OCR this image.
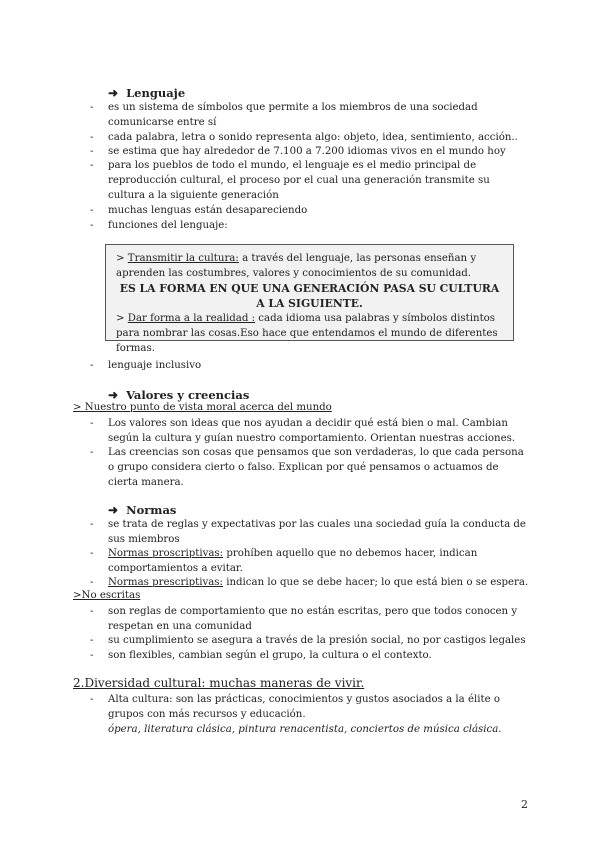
➜ Lenguaje
-	es un sistema de símbolos que permite a los miembros de una sociedad comunicarse entre sí
-	cada palabra, letra o sonido representa algo: objeto, idea, sentimiento, acción..
-	se estima que hay alrededor de 7.100 a 7.200 idiomas vivos en el mundo hoy
-	para los pueblos de todo el mundo, el lenguaje es el medio principal de reproducción cultural, el proceso por el cual una generación transmite su cultura a la siguiente generación
-	muchas lenguas están desapareciendo
-	funciones del lenguaje:
> Transmitir la cultura: a través del lenguaje, las personas enseñan y aprenden las costumbres, valores y conocimientos de su comunidad.
ES LA FORMA EN QUE UNA GENERACIÓN PASA SU CULTURA A LA SIGUIENTE.
> Dar forma a la realidad : cada idioma usa palabras y símbolos distintos para nombrar las cosas.Eso hace que entendamos el mundo de diferentes formas.
-	lenguaje inclusivo
➜ Valores y creencias
> Nuestro punto de vista moral acerca del mundo
-	Los valores son ideas que nos ayudan a decidir qué está bien o mal. Cambian según la cultura y guían nuestro comportamiento. Orientan nuestras acciones.
-	Las creencias son cosas que pensamos que son verdaderas, lo que cada persona o grupo considera cierto o falso. Explican por qué pensamos o actuamos de cierta manera.
➜ Normas
-	se trata de reglas y expectativas por las cuales una sociedad guía la conducta de sus miembros
-	Normas proscriptivas: prohíben aquello que no debemos hacer, indican comportamientos a evitar.
-	Normas prescriptivas: indican lo que se debe hacer; lo que está bien o se espera.
>No escritas
-	son reglas de comportamiento que no están escritas, pero que todos conocen y respetan en una comunidad
-	su cumplimiento se asegura a través de la presión social, no por castigos legales
-	son flexibles, cambian según el grupo, la cultura o el contexto.
2.Diversidad cultural: muchas maneras de vivir.
-	Alta cultura: son las prácticas, conocimientos y gustos asociados a la élite o grupos con más recursos y educación.
ópera, literatura clásica, pintura renacentista, conciertos de música clásica.
2
